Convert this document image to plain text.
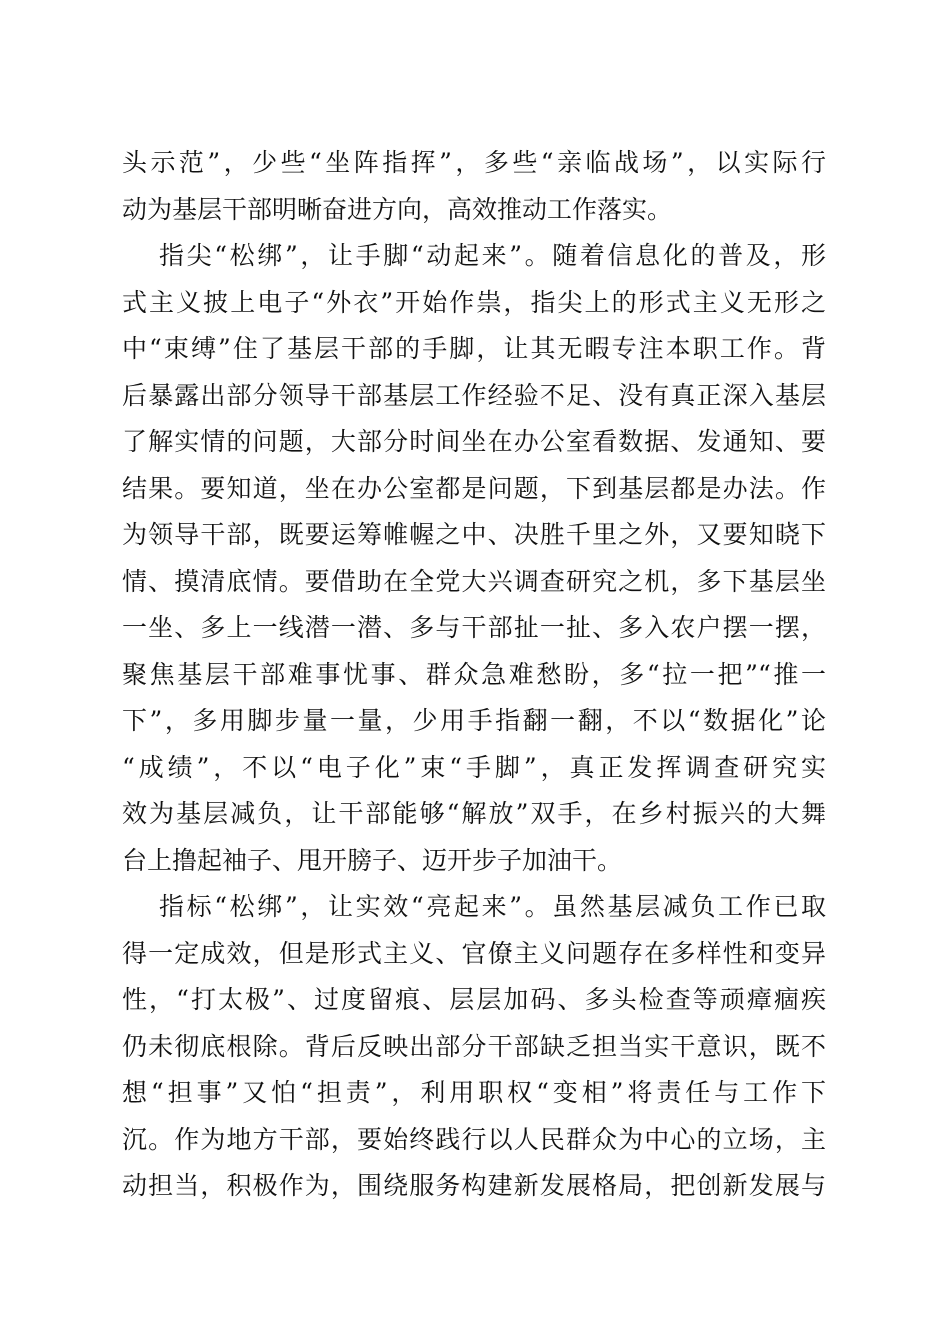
头示范”，少些“坐阵指挥”，多些“亲临战场”，以实际行
动为基层干部明晰奋进方向，高效推动工作落实。
指尖“松绑”，让手脚“动起来”。随着信息化的普及，形
式主义披上电子“外衣”开始作祟，指尖上的形式主义无形之
中“束缚”住了基层干部的手脚，让其无暇专注本职工作。背
后暴露出部分领导干部基层工作经验不足、没有真正深入基层
了解实情的问题，大部分时间坐在办公室看数据、发通知、要
结果。要知道，坐在办公室都是问题，下到基层都是办法。作
为领导干部，既要运筹帷幄之中、决胜千里之外，又要知晓下
情、摸清底情。要借助在全党大兴调查研究之机，多下基层坐
一坐、多上一线潜一潜、多与干部扯一扯、多入农户摆一摆，
聚焦基层干部难事忧事、群众急难愁盼，多“拉一把”“推一
下”，多用脚步量一量，少用手指翻一翻，不以“数据化”论
“成绩”，不以“电子化”束“手脚”，真正发挥调查研究实
效为基层减负，让干部能够“解放”双手，在乡村振兴的大舞
台上撸起袖子、甩开膀子、迈开步子加油干。
指标“松绑”，让实效“亮起来”。虽然基层减负工作已取
得一定成效，但是形式主义、官僚主义问题存在多样性和变异
性，“打太极”、过度留痕、层层加码、多头检查等顽瘴痼疾
仍未彻底根除。背后反映出部分干部缺乏担当实干意识，既不
想“担事”又怕“担责”，利用职权“变相”将责任与工作下
沉。作为地方干部，要始终践行以人民群众为中心的立场，主
动担当，积极作为，围绕服务构建新发展格局，把创新发展与
